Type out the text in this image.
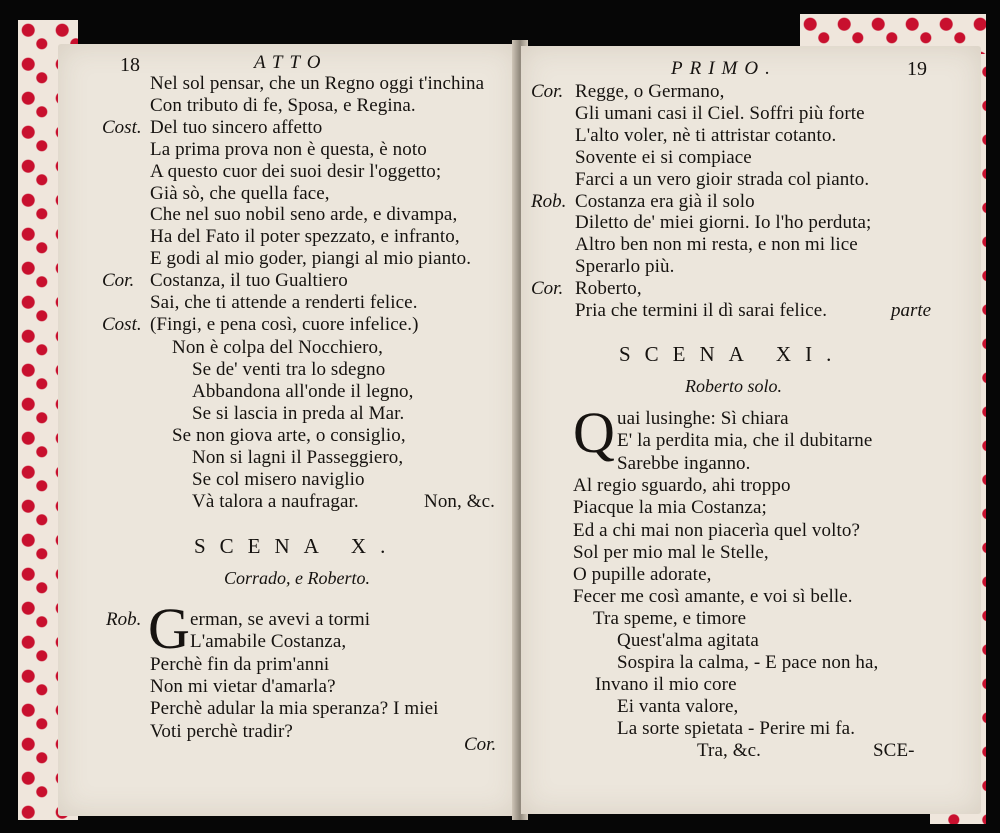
18	ATTO
Nel sol pensar, che un Regno oggi t'inchina
Con tributo di fe, Sposa, e Regina.
Cost. Del tuo sincero affetto
La prima prova non è questa, è noto
A questo cuor dei suoi desir l'oggetto;
Già sò, che quella face,
Che nel suo nobil seno arde, e divampa,
Ha del Fato il poter spezzato, e infranto,
E godi al mio goder, piangi al mio pianto.
Cor. Costanza, il tuo Gualtiero
Sai, che ti attende a renderti felice.
Cost. (Fingi, e pena così, cuore infelice.)
Non è colpa del Nocchiero,
Se de' venti tra lo sdegno
Abbandona all'onde il legno,
Se si lascia in preda al Mar.
Se non giova arte, o consiglio,
Non si lagni il Passeggiero,
Se col misero naviglio
Và talora a naufragar.	Non, &c.
SCENA X.
Corrado, e Roberto.
Rob. G erman, se avevi a tormi
L'amabile Costanza,
Perchè fin da prim'anni
Non mi vietar d'amarla?
Perchè adular la mia speranza? I miei
Voti perchè tradir?
Cor.
PRIMO.	19
Cor. Regge, o Germano,
Gli umani casi il Ciel. Soffri più forte
L'alto voler, nè ti attristar cotanto.
Sovente ei si compiace
Farci a un vero gioir strada col pianto.
Rob. Costanza era già il solo
Diletto de' miei giorni. Io l'ho perduta;
Altro ben non mi resta, e non mi lice
Sperarlo più.
Cor. Roberto,
Pria che termini il dì sarai felice.	parte
SCENA XI.
Roberto solo.
Q uai lusinghe: Sì chiara
E' la perdita mia, che il dubitarne
Sarebbe inganno.
Al regio sguardo, ahi troppo
Piacque la mia Costanza;
Ed a chi mai non piacerìa quel volto?
Sol per mio mal le Stelle,
O pupille adorate,
Fecer me così amante, e voi sì belle.
Tra speme, e timore
Quest'alma agitata
Sospira la calma, - E pace non ha,
Invano il mio core
Ei vanta valore,
La sorte spietata - Perire mi fa.
Tra, &c.	SCE-
